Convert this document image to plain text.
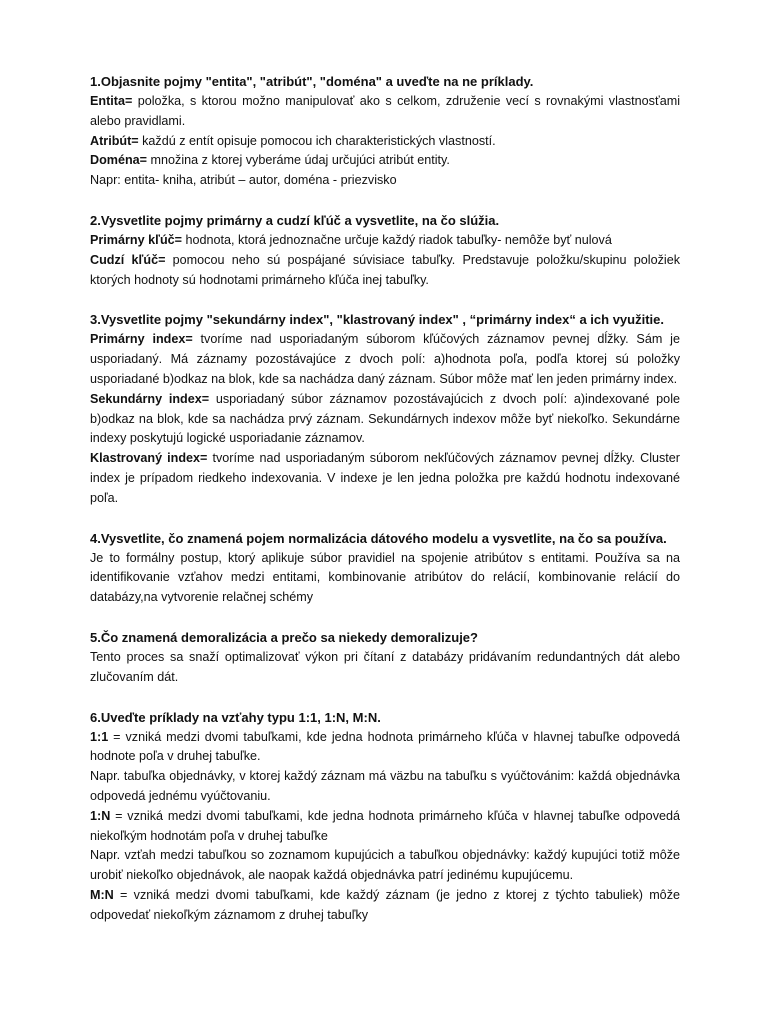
1.Objasnite pojmy "entita", "atribút", "doména" a uveďte na ne príklady.

Entita= položka, s ktorou možno manipulovať ako s celkom, združenie vecí s rovnakými vlastnosťami alebo pravidlami.

Atribút= každú z entít opisuje pomocou ich charakteristických vlastností.

Doména= množina z ktorej vyberáme údaj určujúci atribút entity.

Napr: entita- kniha, atribút – autor, doména - priezvisko

2.Vysvetlite pojmy primárny a cudzí kľúč a vysvetlite, na čo slúžia.

Primárny kľúč= hodnota, ktorá jednoznačne určuje každý riadok tabuľky- nemôže byť nulová

Cudzí kľúč= pomocou neho sú pospájané súvisiace tabuľky. Predstavuje položku/skupinu položiek ktorých hodnoty sú hodnotami primárneho kľúča inej tabuľky.

3.Vysvetlite pojmy "sekundárny index", "klastrovaný index" , “primárny index“ a ich využitie.

Primárny index= tvoríme nad usporiadaným súborom kľúčových záznamov pevnej dĺžky. Sám je usporiadaný. Má záznamy pozostávajúce z dvoch polí: a)hodnota poľa, podľa ktorej sú položky usporiadané b)odkaz na blok, kde sa nachádza daný záznam. Súbor môže mať len jeden primárny index.

Sekundárny index= usporiadaný súbor záznamov pozostávajúcich z dvoch polí: a)indexované pole b)odkaz na blok, kde sa nachádza prvý záznam. Sekundárnych indexov môže byť niekoľko. Sekundárne indexy poskytujú logické usporiadanie záznamov.

Klastrovaný index= tvoríme nad usporiadaným súborom nekľúčových záznamov pevnej dĺžky. Cluster index je prípadom riedkeho indexovania. V indexe je len jedna položka pre každú hodnotu indexované poľa.

4.Vysvetlite, čo znamená pojem normalizácia dátového modelu a vysvetlite, na čo sa používa.

Je to formálny postup, ktorý aplikuje súbor pravidiel na spojenie atribútov s entitami. Používa sa na identifikovanie vzťahov medzi entitami, kombinovanie atribútov do relácií, kombinovanie relácií do databázy,na vytvorenie relačnej schémy

5.Čo znamená demoralizácia a prečo sa niekedy demoralizuje?

Tento proces sa snaží optimalizovať výkon pri čítaní z databázy pridávaním redundantných dát alebo zlučovaním dát.

6.Uveďte príklady na vzťahy typu 1:1, 1:N, M:N.

1:1 = vzniká medzi dvomi tabuľkami, kde jedna hodnota primárneho kľúča v hlavnej tabuľke odpovedá hodnote poľa v druhej tabuľke.

Napr. tabuľka objednávky, v ktorej každý záznam má väzbu na tabuľku s vyúčtovánim: každá objednávka odpovedá jednému vyúčtovaniu.

1:N = vzniká medzi dvomi tabuľkami, kde jedna hodnota primárneho kľúča v hlavnej tabuľke odpovedá niekoľkým hodnotám poľa v druhej tabuľke

Napr. vzťah medzi tabuľkou so zoznamom kupujúcich a tabuľkou objednávky: každý kupujúci totiž môže urobiť niekoľko objednávok, ale naopak každá objednávka patrí jedinému kupujúcemu.

M:N = vzniká medzi dvomi tabuľkami, kde každý záznam (je jedno z ktorej z týchto tabuliek) môže odpovedať niekoľkým záznamom z druhej tabuľky
